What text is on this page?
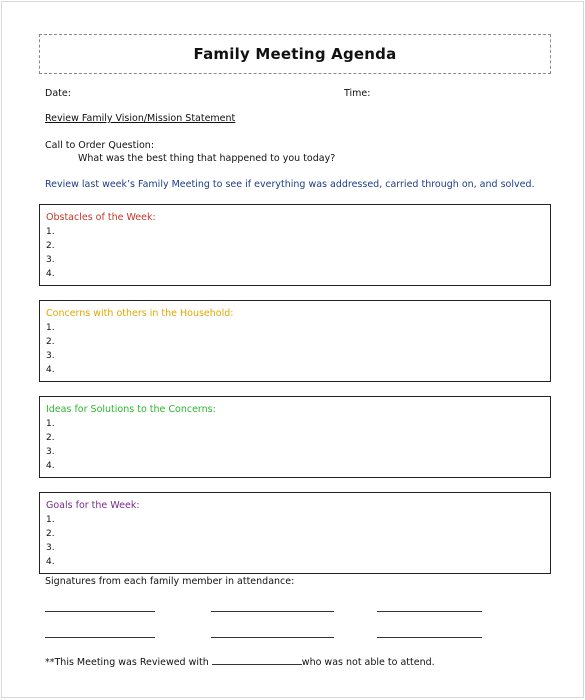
Family Meeting Agenda
Date:	Time:
Review Family Vision/Mission Statement
Call to Order Question:
What was the best thing that happened to you today?
Review last week’s Family Meeting to see if everything was addressed, carried through on, and solved.
Obstacles of the Week:
1.
2.
3.
4.
Concerns with others in the Household:
1.
2.
3.
4.
Ideas for Solutions to the Concerns:
1.
2.
3.
4.
Goals for the Week:
1.
2.
3.
4.
Signatures from each family member in attendance:
**This Meeting was Reviewed with	who was not able to attend.
